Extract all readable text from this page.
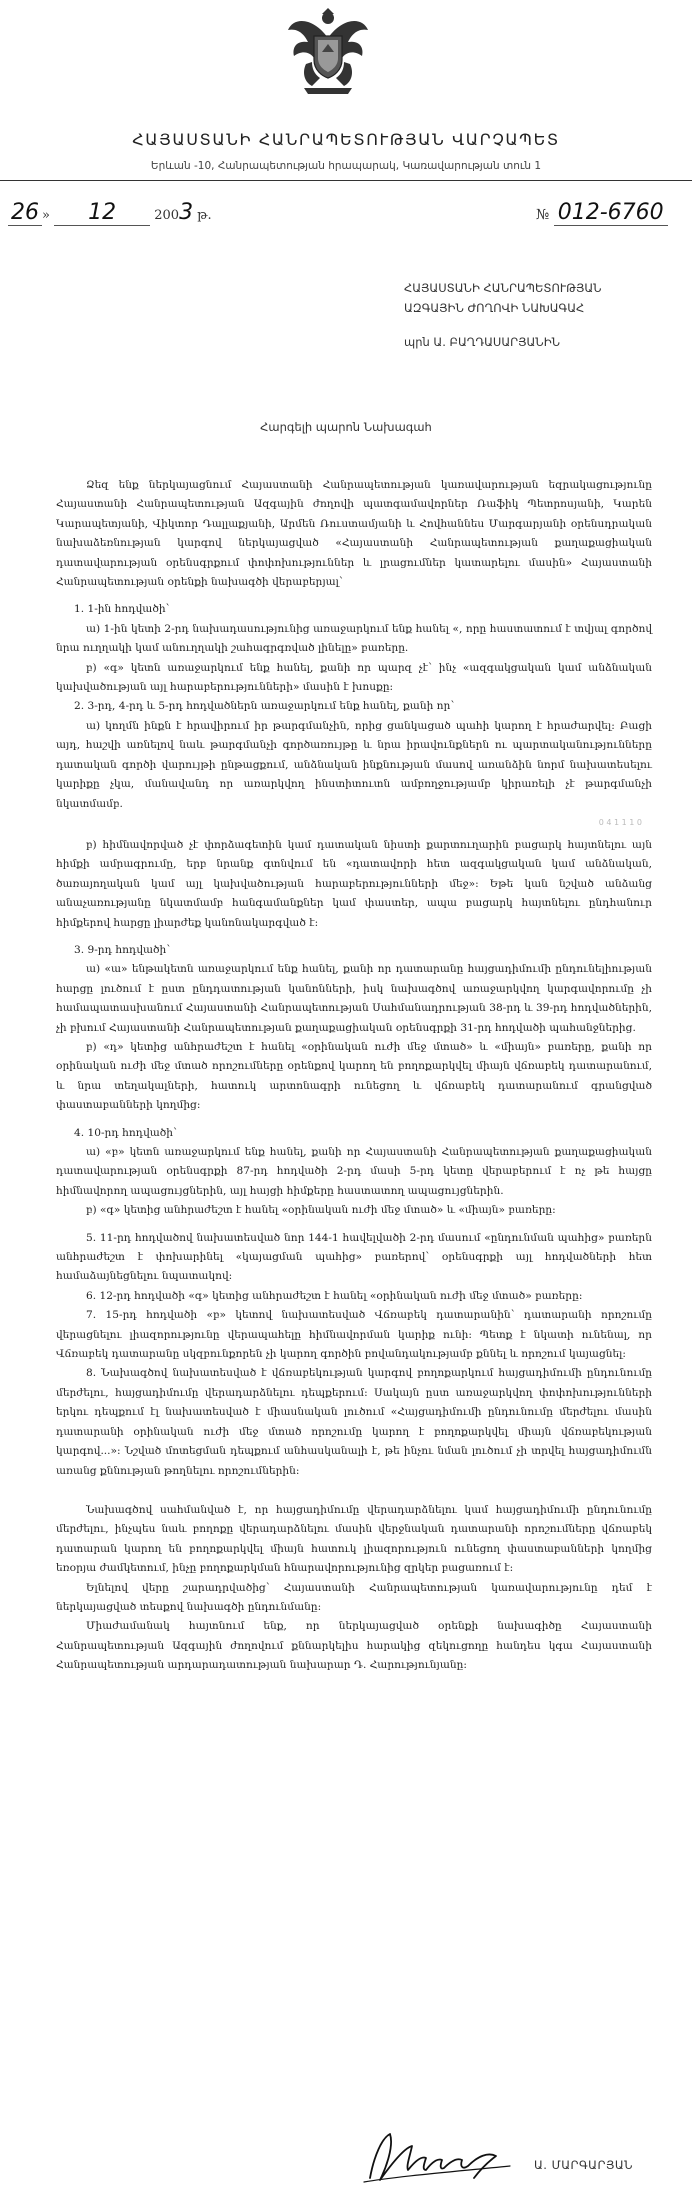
ՀԱՅԱՍՏԱՆԻ ՀԱՆՐԱՊԵՏՈՒԹՅԱՆ ՎԱՐՉԱՊԵՏ
Երևան -10, Հանրապետության հրապարակ, Կառավարության տուն 1
26 » 12	2003 թ.	№ 012-6760
ՀԱՅԱՍՏԱՆԻ ՀԱՆՐԱՊԵՏՈՒԹՅԱՆ
ԱԶԳԱՅԻՆ ԺՈՂՈՎԻ ՆԱԽԱԳԱՀ
պրն Ա. ԲԱՂԴԱՍԱՐՅԱՆԻՆ
Հարգելի պարոն Նախագահ

Ձեզ ենք ներկայացնում Հայաստանի Հանրապետության կառավարության եզրակացությունը Հայաստանի Հանրապետության Ազգային ժողովի պատգամավորներ Ռաֆիկ Պետրոսյանի, Կարեն Կարապետյանի, Վիկտոր Դալլաքյանի, Արմեն Ռուստամյանի և Հովհաննես Մարգարյանի օրենսդրական նախաձեռնության կարգով ներկայացված «Հայաստանի Հանրապետության քաղաքացիական դատավարության օրենսգրքում փոփոխություններ և լրացումներ կատարելու մասին» Հայաստանի Հանրապետության օրենքի նախագծի վերաբերյալ՝

1. 1-ին հոդվածի՝

ա) 1-ին կետի 2-րդ նախադասությունից առաջարկում ենք հանել «, որը հաստատում է տվյալ գործով նրա ուղղակի կամ անուղղակի շահագրգռված լինելը» բառերը.

բ) «գ» կետն առաջարկում ենք հանել, քանի որ պարզ չէ՝ ինչ «ազգակցական կամ անձնական կախվածության այլ հարաբերությունների» մասին է խոսքը:

2. 3-րդ, 4-րդ և 5-րդ հոդվածներն առաջարկում ենք հանել, քանի որ՝

ա) կողմն ինքն է հրավիրում իր թարգմանչին, որից ցանկացած պահի կարող է հրաժարվել: Բացի այդ, հաշվի առնելով նաև թարգմանչի գործառույթը և նրա իրավունքներն ու պարտականությունները դատական գործի վարույթի ընթացքում, անձնական ինքնության մասով առանձին նորմ նախատեսելու կարիքը չկա, մանավանդ որ առարկվող ինստիտուտն ամբողջությամբ կիրառելի չէ թարգմանչի նկատմամբ.

0 4 1 1 1 0

բ) հիմնավորված չէ փորձագետին կամ դատական նիստի քարտուղարին բացարկ հայտնելու այն հիմքի ամրագրումը, երբ նրանք գտնվում են «դատավորի հետ ազգակցական կամ անձնական, ծառայողական կամ այլ կախվածության հարաբերությունների մեջ»: Եթե կան նշված անձանց անաչառությանը նկատմամբ հանգամանքներ կամ փաստեր, ապա բացարկ հայտնելու ընդհանուր հիմքերով հարցը լիարժեք կանոնակարգված է:

3. 9-րդ հոդվածի՝

ա) «ա» ենթակետն առաջարկում ենք հանել, քանի որ դատարանը հայցադիմումի ընդունելիության հարցը լուծում է ըստ ընդդատության կանոնների, իսկ նախագծով առաջարկվող կարգավորումը չի համապատասխանում Հայաստանի Հանրապետության Սահմանադրության 38-րդ և 39-րդ հոդվածներին, չի բխում Հայաստանի Հանրապետության քաղաքացիական օրենսգրքի 31-րդ հոդվածի պահանջներից.

բ) «դ» կետից անհրաժեշտ է հանել «օրինական ուժի մեջ մտած» և «միայն» բառերը, քանի որ օրինական ուժի մեջ մտած որոշումները օրենքով կարող են բողոքարկվել միայն վճռաբեկ դատարանում, և նրա տեղակալների, հատուկ արտոնագրի ունեցող և վճռաբեկ դատարանում գրանցված փաստաբանների կողմից:

4. 10-րդ հոդվածի՝

ա) «բ» կետն առաջարկում ենք հանել, քանի որ Հայաստանի Հանրապետության քաղաքացիական դատավարության օրենսգրքի 87-րդ հոդվածի 2-րդ մասի 5-րդ կետը վերաբերում է ոչ թե հայցը հիմնավորող ապացույցներին, այլ հայցի հիմքերը հաստատող ապացույցներին.

բ) «գ» կետից անհրաժեշտ է հանել «օրինական ուժի մեջ մտած» և «միայն» բառերը:

5. 11-րդ հոդվածով նախատեսված նոր 144-1 հավելվածի 2-րդ մասում «ընդունման պահից» բառերն անհրաժեշտ է փոխարինել «կայացման պահից» բառերով՝ օրենսգրքի այլ հոդվածների հետ համաձայնեցնելու նպատակով:

6. 12-րդ հոդվածի «գ» կետից անհրաժեշտ է հանել «օրինական ուժի մեջ մտած» բառերը:

7. 15-րդ հոդվածի «բ» կետով նախատեսված Վճռաբեկ դատարանին՝ դատարանի որոշումը վերացնելու լիազորությունը վերապահելը հիմնավորման կարիք ունի: Պետք է նկատի ունենալ, որ Վճռաբեկ դատարանը սկզբունքորեն չի կարող գործին բովանդակությամբ քննել և որոշում կայացնել:

8. Նախագծով նախատեսված է վճռաբեկության կարգով բողոքարկում հայցադիմումի ընդունումը մերժելու, հայցադիմումը վերադարձնելու դեպքերում: Սակայն ըստ առաջարկվող փոփոխությունների երկու դեպքում էլ նախատեսված է միասնական լուծում «Հայցադիմումի ընդունումը մերժելու մասին դատարանի օրինական ուժի մեջ մտած որոշումը կարող է բողոքարկվել միայն վճռաբեկության կարգով...»: Նշված մոտեցման դեպքում անհասկանալի է, թե ինչու նման լուծում չի տրվել հայցադիմումն առանց քննության թողնելու որոշումներին:

Նախագծով սահմանված է, որ հայցադիմումը վերադարձնելու կամ հայցադիմումի ընդունումը մերժելու, ինչպես նաև բողոքը վերադարձնելու մասին վերջնական դատարանի որոշումները վճռաբեկ դատարան կարող են բողոքարկվել միայն հատուկ լիազորություն ունեցող փաստաբանների կողմից եռօրյա ժամկետում, ինչը բողոքարկման հնարավորությունից զրկեր բացառում է:

Ելնելով վերը շարադրվածից՝ Հայաստանի Հանրապետության կառավարությունը դեմ է ներկայացված տեսքով նախագծի ընդունմանը:

Միաժամանակ հայտնում ենք, որ ներկայացված օրենքի նախագիծը Հայաստանի Հանրապետության Ազգային ժողովում քննարկելիս հարակից զեկուցողը հանդես կգա Հայաստանի Հանրապետության արդարադատության նախարար Դ. Հարությունյանը:

Ա. ՄԱՐԳԱՐՅԱՆ
